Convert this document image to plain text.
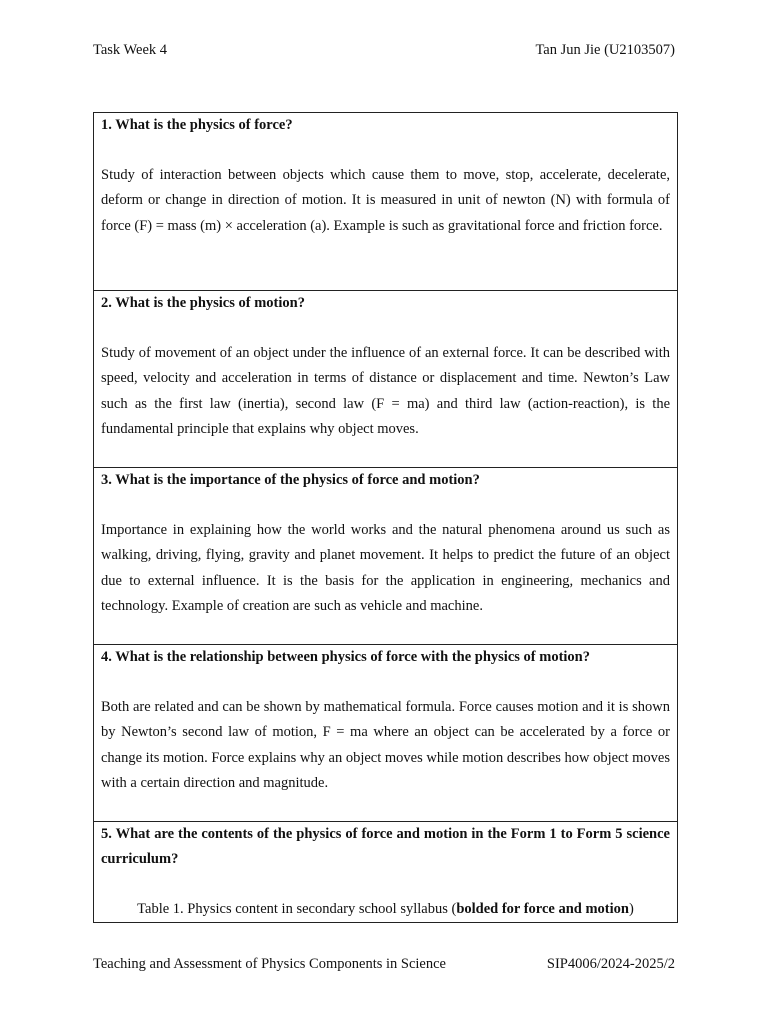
Task Week 4	Tan Jun Jie (U2103507)
1. What is the physics of force?
Study of interaction between objects which cause them to move, stop, accelerate, decelerate, deform or change in direction of motion. It is measured in unit of newton (N) with formula of force (F) = mass (m) × acceleration (a). Example is such as gravitational force and friction force.

2. What is the physics of motion?
Study of movement of an object under the influence of an external force. It can be described with speed, velocity and acceleration in terms of distance or displacement and time. Newton’s Law such as the first law (inertia), second law (F = ma) and third law (action-reaction), is the fundamental principle that explains why object moves.

3. What is the importance of the physics of force and motion?
Importance in explaining how the world works and the natural phenomena around us such as walking, driving, flying, gravity and planet movement. It helps to predict the future of an object due to external influence. It is the basis for the application in engineering, mechanics and technology. Example of creation are such as vehicle and machine.

4. What is the relationship between physics of force with the physics of motion?
Both are related and can be shown by mathematical formula. Force causes motion and it is shown by Newton’s second law of motion, F = ma where an object can be accelerated by a force or change its motion. Force explains why an object moves while motion describes how object moves with a certain direction and magnitude.

5. What are the contents of the physics of force and motion in the Form 1 to Form 5 science curriculum?
Table 1. Physics content in secondary school syllabus (bolded for force and motion)
Teaching and Assessment of Physics Components in Science	SIP4006/2024-2025/2
